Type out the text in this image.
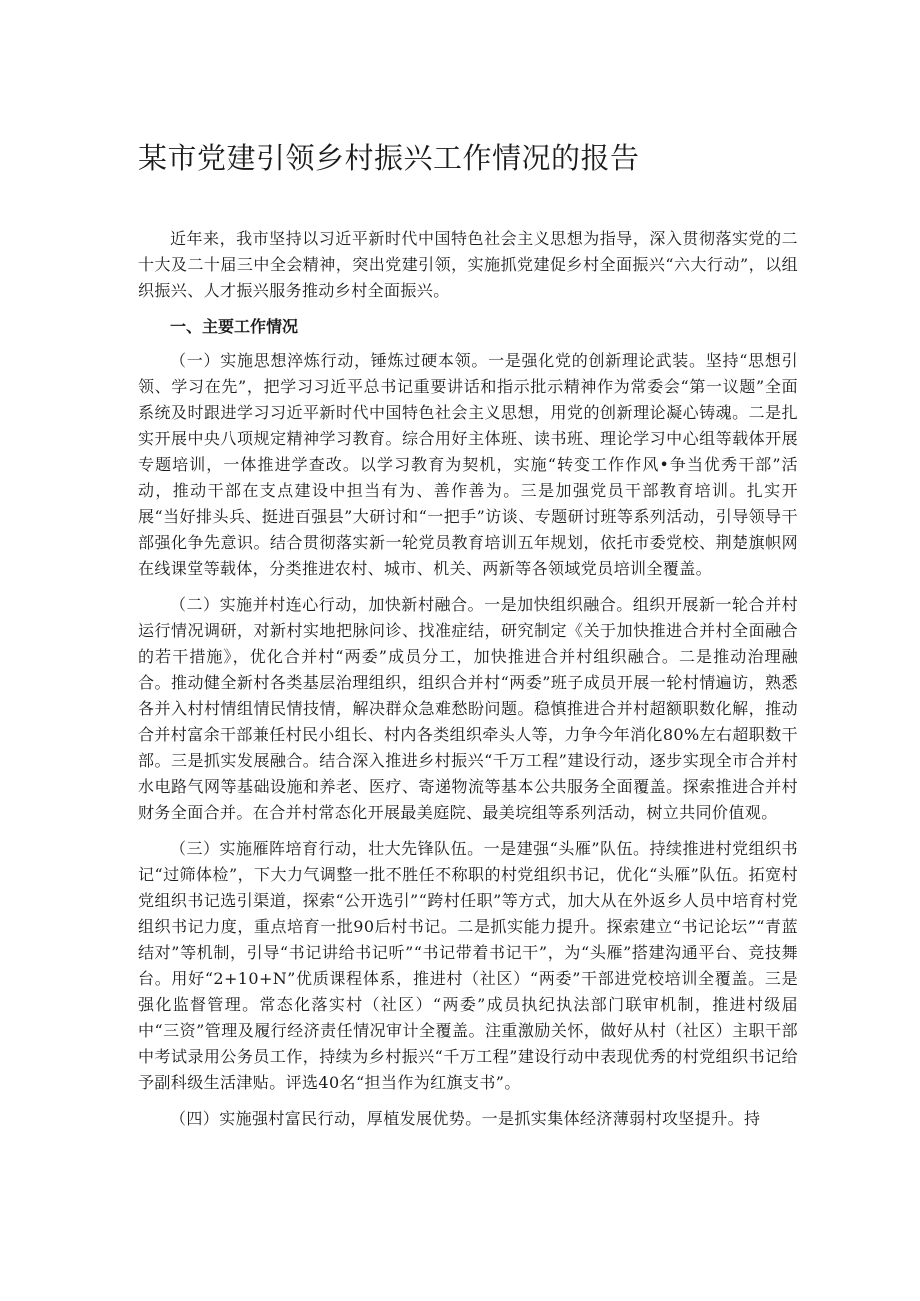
某市党建引领乡村振兴工作情况的报告

近年来，我市坚持以习近平新时代中国特色社会主义思想为指导，深入贯彻落实党的二十大及二十届三中全会精神，突出党建引领，实施抓党建促乡村全面振兴“六大行动”，以组织振兴、人才振兴服务推动乡村全面振兴。

一、主要工作情况

（一）实施思想淬炼行动，锤炼过硬本领。一是强化党的创新理论武装。坚持“思想引领、学习在先”，把学习习近平总书记重要讲话和指示批示精神作为常委会“第一议题”全面系统及时跟进学习习近平新时代中国特色社会主义思想，用党的创新理论凝心铸魂。二是扎实开展中央八项规定精神学习教育。综合用好主体班、读书班、理论学习中心组等载体开展专题培训，一体推进学查改。以学习教育为契机，实施“转变工作作风•争当优秀干部”活动，推动干部在支点建设中担当有为、善作善为。三是加强党员干部教育培训。扎实开展“当好排头兵、挺进百强县”大研讨和“一把手”访谈、专题研讨班等系列活动，引导领导干部强化争先意识。结合贯彻落实新一轮党员教育培训五年规划，依托市委党校、荆楚旗帜网在线课堂等载体，分类推进农村、城市、机关、两新等各领域党员培训全覆盖。

（二）实施并村连心行动，加快新村融合。一是加快组织融合。组织开展新一轮合并村运行情况调研，对新村实地把脉问诊、找准症结，研究制定《关于加快推进合并村全面融合的若干措施》，优化合并村“两委”成员分工，加快推进合并村组织融合。二是推动治理融合。推动健全新村各类基层治理组织，组织合并村“两委”班子成员开展一轮村情遍访，熟悉各并入村村情组情民情技情，解决群众急难愁盼问题。稳慎推进合并村超额职数化解，推动合并村富余干部兼任村民小组长、村内各类组织牵头人等，力争今年消化80%左右超职数干部。三是抓实发展融合。结合深入推进乡村振兴“千万工程”建设行动，逐步实现全市合并村水电路气网等基础设施和养老、医疗、寄递物流等基本公共服务全面覆盖。探索推进合并村财务全面合并。在合并村常态化开展最美庭院、最美垸组等系列活动，树立共同价值观。

（三）实施雁阵培育行动，壮大先锋队伍。一是建强“头雁”队伍。持续推进村党组织书记“过筛体检”，下大力气调整一批不胜任不称职的村党组织书记，优化“头雁”队伍。拓宽村党组织书记选引渠道，探索“公开选引”“跨村任职”等方式，加大从在外返乡人员中培育村党组织书记力度，重点培育一批90后村书记。二是抓实能力提升。探索建立“书记论坛”“青蓝结对”等机制，引导“书记讲给书记听”“书记带着书记干”，为“头雁”搭建沟通平台、竞技舞台。用好“2+10+N”优质课程体系，推进村（社区）“两委”干部进党校培训全覆盖。三是强化监督管理。常态化落实村（社区）“两委”成员执纪执法部门联审机制，推进村级届中“三资”管理及履行经济责任情况审计全覆盖。注重激励关怀，做好从村（社区）主职干部中考试录用公务员工作，持续为乡村振兴“千万工程”建设行动中表现优秀的村党组织书记给予副科级生活津贴。评选40名“担当作为红旗支书”。

（四）实施强村富民行动，厚植发展优势。一是抓实集体经济薄弱村攻坚提升。持
